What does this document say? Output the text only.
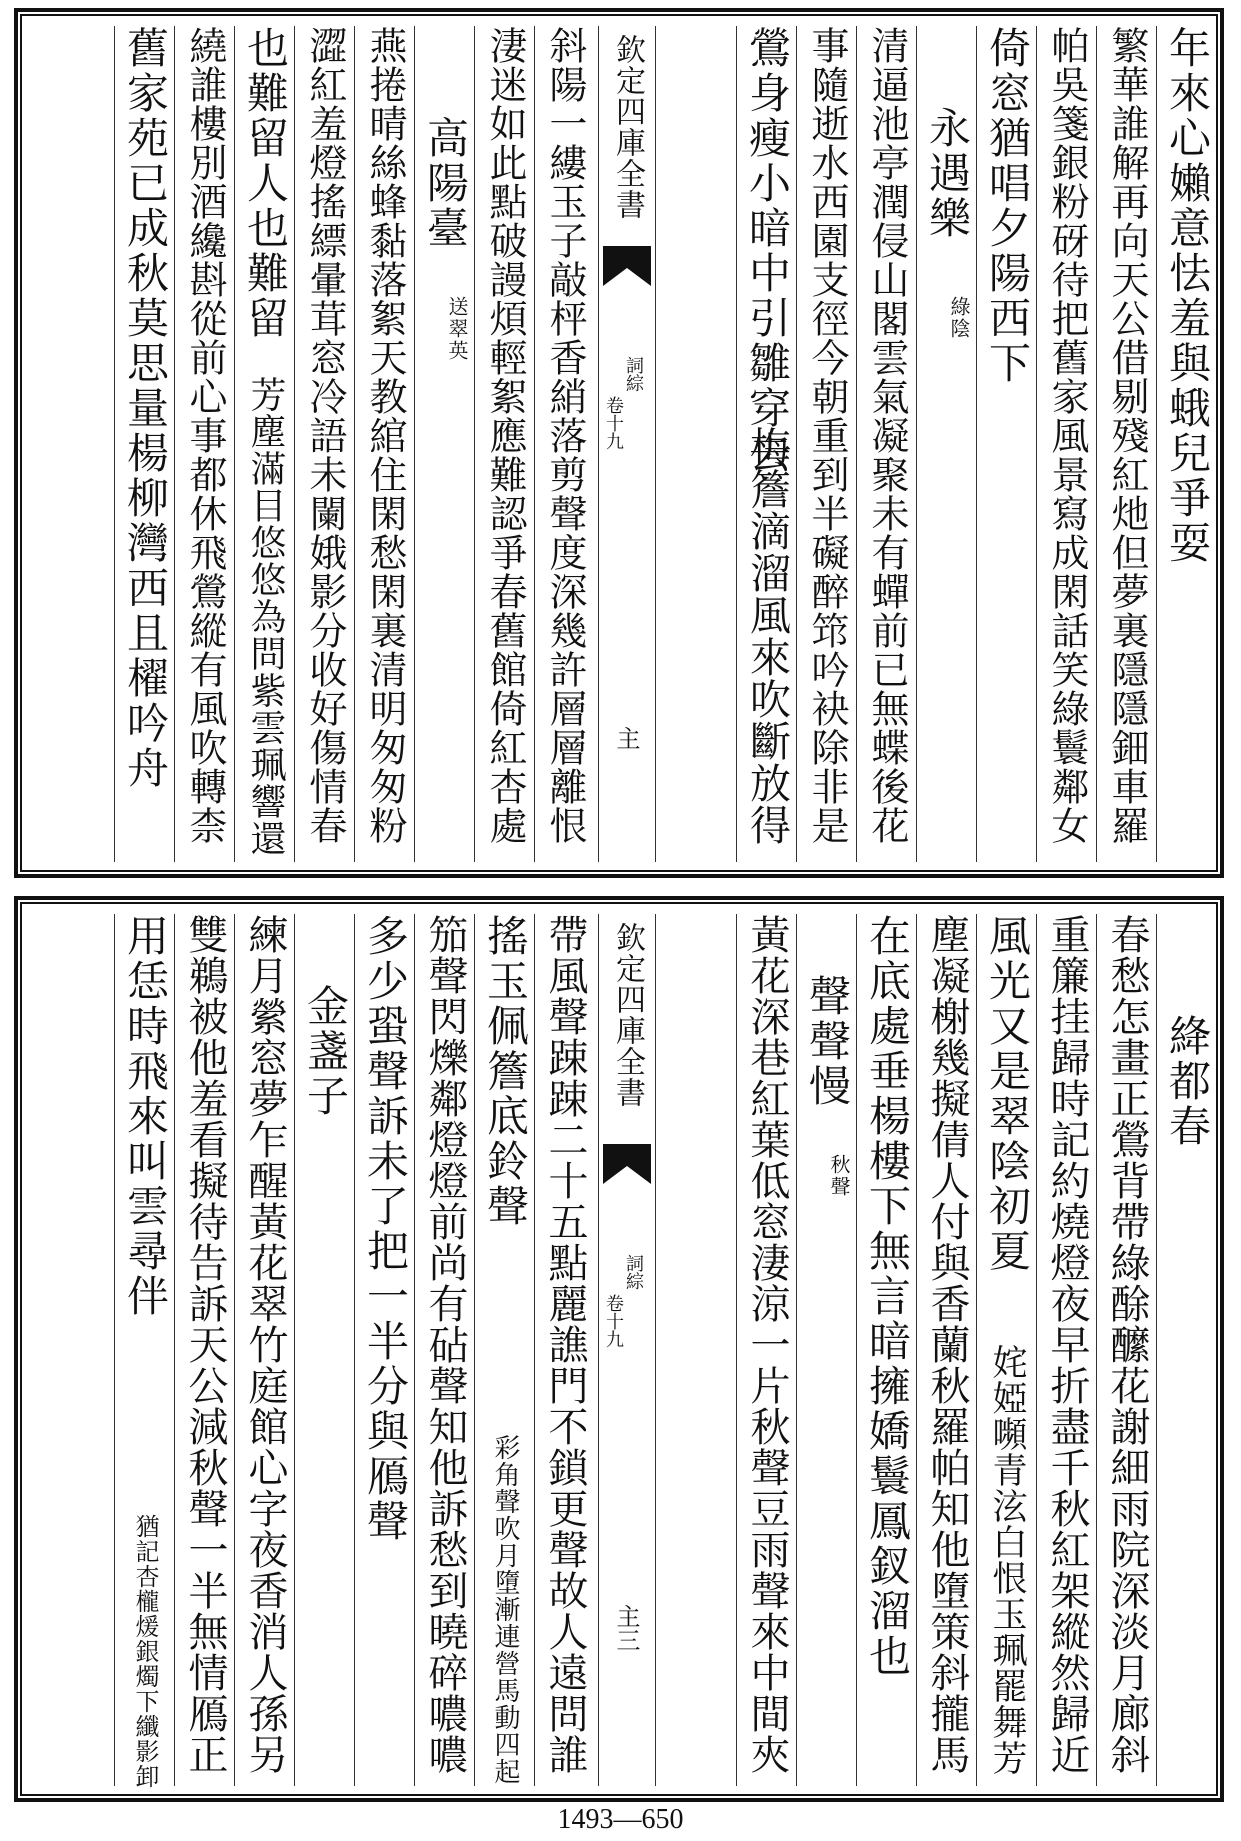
年來心嬾意怯羞與蛾兒爭耍
繁華誰解再向天公借剔殘紅灺但夢裏隱隱鈿車羅
帕吳箋銀粉砑待把舊家風景寫成閑話笑綠鬟鄰女
倚窓猶唱夕陽西下
永遇樂
綠陰
清逼池亭潤侵山閣雲氣凝聚未有蟬前已無蝶後花
事隨逝水西園支徑今朝重到半礙醉筇吟袂除非是
鶯身瘦小暗中引雛穿去
梅簷滴溜風來吹斷放得
欽定四庫全書
詞綜
卷十九
主
斜陽一縷玉子敲枰香綃落剪聲度深幾許層層離恨
淒迷如此點破謾煩輕絮應難認爭春舊館倚紅杏處
高陽臺
送翠英
燕捲晴絲蜂黏落絮天教綰住閑愁閑裏清明匆匆粉
澀紅羞燈搖縹暈茸窓冷語未闌娥影分收好傷情春
也難留人也難留
芳塵滿目悠悠為問紫雲珮響還
繞誰樓別酒纔斟從前心事都休飛鶯縱有風吹轉柰
舊家苑已成秋莫思量楊柳灣西且櫂吟舟
絳都春
春愁怎畫正鶯背帶綠酴醿花謝細雨院深淡月廊斜
重簾挂歸時記約燒燈夜早折盡千秋紅架縱然歸近
風光又是翠陰初夏
姹婭嚬青泫白恨玉珮罷舞芳
塵凝榭幾擬倩人付與香蘭秋羅帕知他墮策斜攏馬
在底處垂楊樓下無言暗擁嬌鬟鳳釵溜也
聲聲慢
秋聲
黃花深巷紅葉低窓淒涼一片秋聲豆雨聲來中間夾
欽定四庫全書
詞綜
卷十九
主三
帶風聲踈踈二十五點麗譙門不鎖更聲故人遠問誰
搖玉佩簷底鈴聲
彩角聲吹月墮漸連營馬動四起
笳聲閃爍鄰燈燈前尚有砧聲知他訴愁到曉碎噥噥
多少蛩聲訴未了把一半分與鴈聲
金盞子
練月縈窓夢乍醒黃花翠竹庭館心字夜香消人孫另
雙鵜被他羞看擬待告訴天公減秋聲一半無情鴈正
用恁時飛來叫雲尋伴
猶記杏櫳煖銀燭下纖影卸
1493—650
